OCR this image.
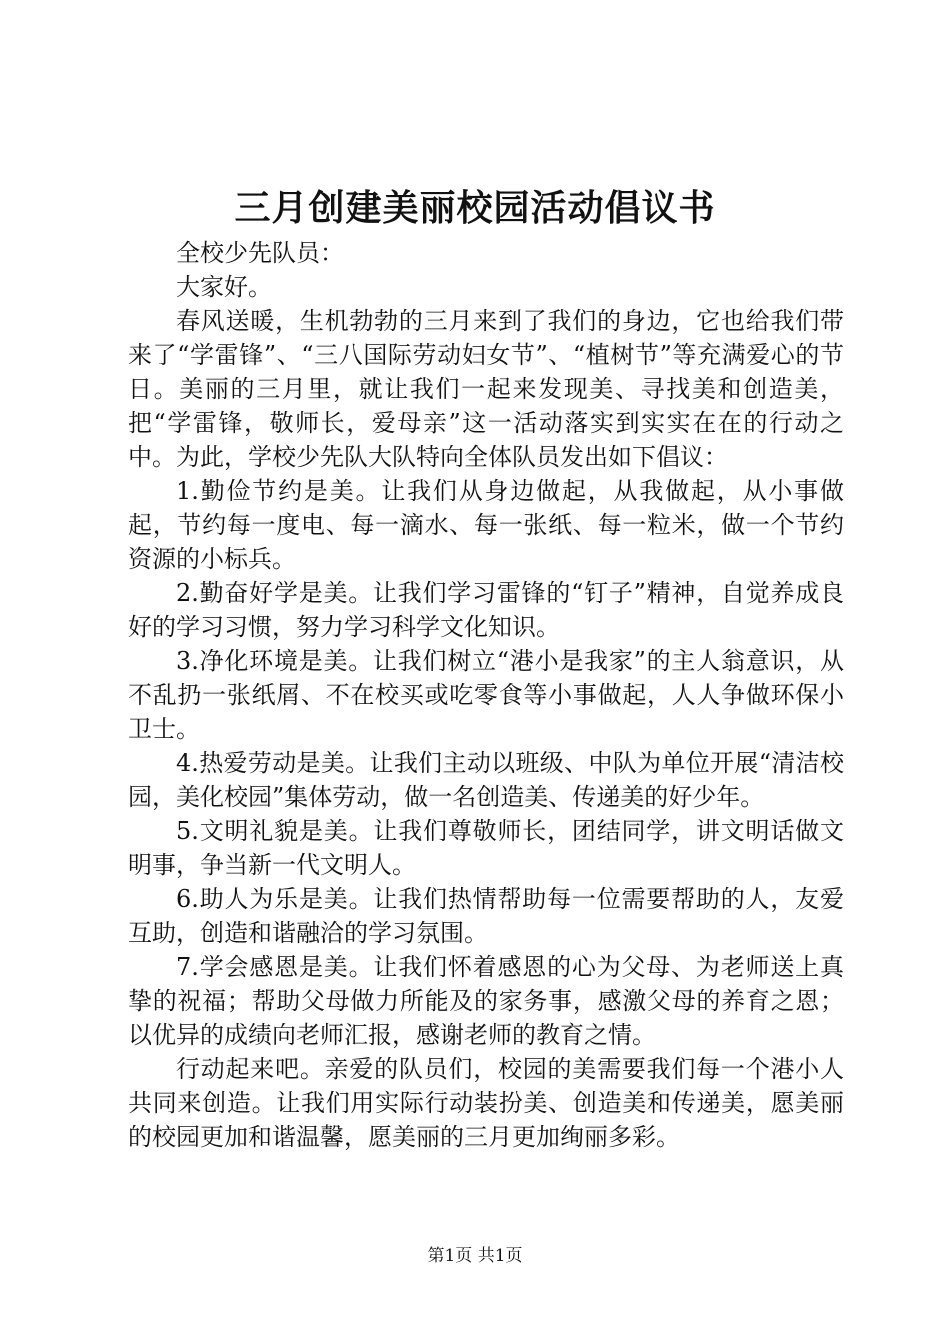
三月创建美丽校园活动倡议书

全校少先队员：

大家好。

春风送暖，生机勃勃的三月来到了我们的身边，它也给我们带来了“学雷锋”、“三八国际劳动妇女节”、“植树节”等充满爱心的节日。美丽的三月里，就让我们一起来发现美、寻找美和创造美，把“学雷锋，敬师长，爱母亲”这一活动落实到实实在在的行动之中。为此，学校少先队大队特向全体队员发出如下倡议：

1.勤俭节约是美。让我们从身边做起，从我做起，从小事做起，节约每一度电、每一滴水、每一张纸、每一粒米，做一个节约资源的小标兵。

2.勤奋好学是美。让我们学习雷锋的“钉子”精神，自觉养成良好的学习习惯，努力学习科学文化知识。

3.净化环境是美。让我们树立“港小是我家”的主人翁意识，从不乱扔一张纸屑、不在校买或吃零食等小事做起，人人争做环保小卫士。

4.热爱劳动是美。让我们主动以班级、中队为单位开展“清洁校园，美化校园”集体劳动，做一名创造美、传递美的好少年。

5.文明礼貌是美。让我们尊敬师长，团结同学，讲文明话做文明事，争当新一代文明人。

6.助人为乐是美。让我们热情帮助每一位需要帮助的人，友爱互助，创造和谐融洽的学习氛围。

7.学会感恩是美。让我们怀着感恩的心为父母、为老师送上真挚的祝福；帮助父母做力所能及的家务事，感激父母的养育之恩；以优异的成绩向老师汇报，感谢老师的教育之情。

行动起来吧。亲爱的队员们，校园的美需要我们每一个港小人共同来创造。让我们用实际行动装扮美、创造美和传递美，愿美丽的校园更加和谐温馨，愿美丽的三月更加绚丽多彩。

第1页 共1页
